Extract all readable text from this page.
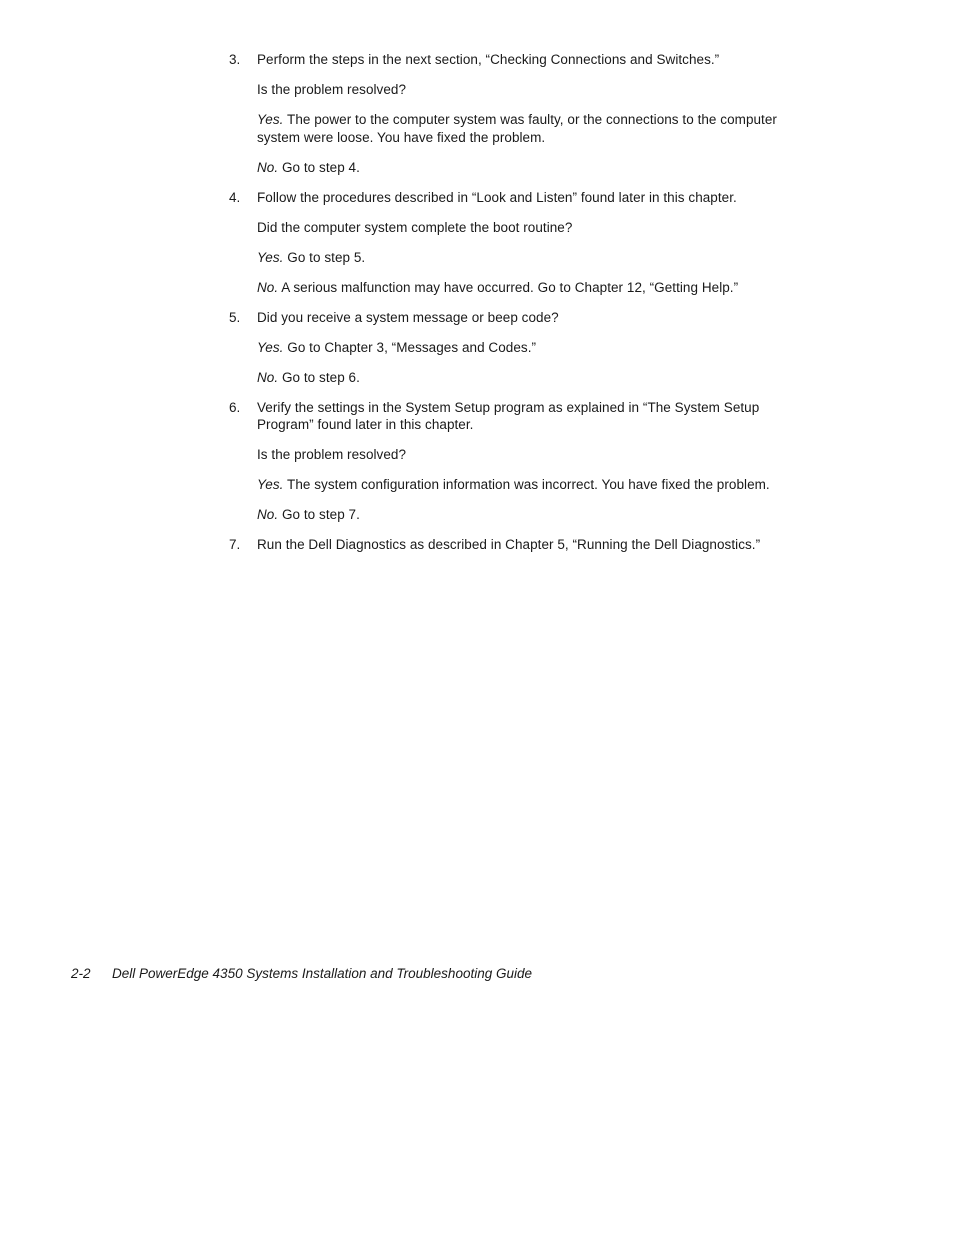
3. Perform the steps in the next section, “Checking Connections and Switches.”

Is the problem resolved?

Yes. The power to the computer system was faulty, or the connections to the computer system were loose. You have fixed the problem.

No. Go to step 4.

4. Follow the procedures described in “Look and Listen” found later in this chapter.

Did the computer system complete the boot routine?

Yes. Go to step 5.

No. A serious malfunction may have occurred. Go to Chapter 12, “Getting Help.”

5. Did you receive a system message or beep code?

Yes. Go to Chapter 3, “Messages and Codes.”

No. Go to step 6.

6. Verify the settings in the System Setup program as explained in “The System Setup Program” found later in this chapter.

Is the problem resolved?

Yes. The system configuration information was incorrect. You have fixed the problem.

No. Go to step 7.

7. Run the Dell Diagnostics as described in Chapter 5, “Running the Dell Diagnostics.”

2-2 Dell PowerEdge 4350 Systems Installation and Troubleshooting Guide
